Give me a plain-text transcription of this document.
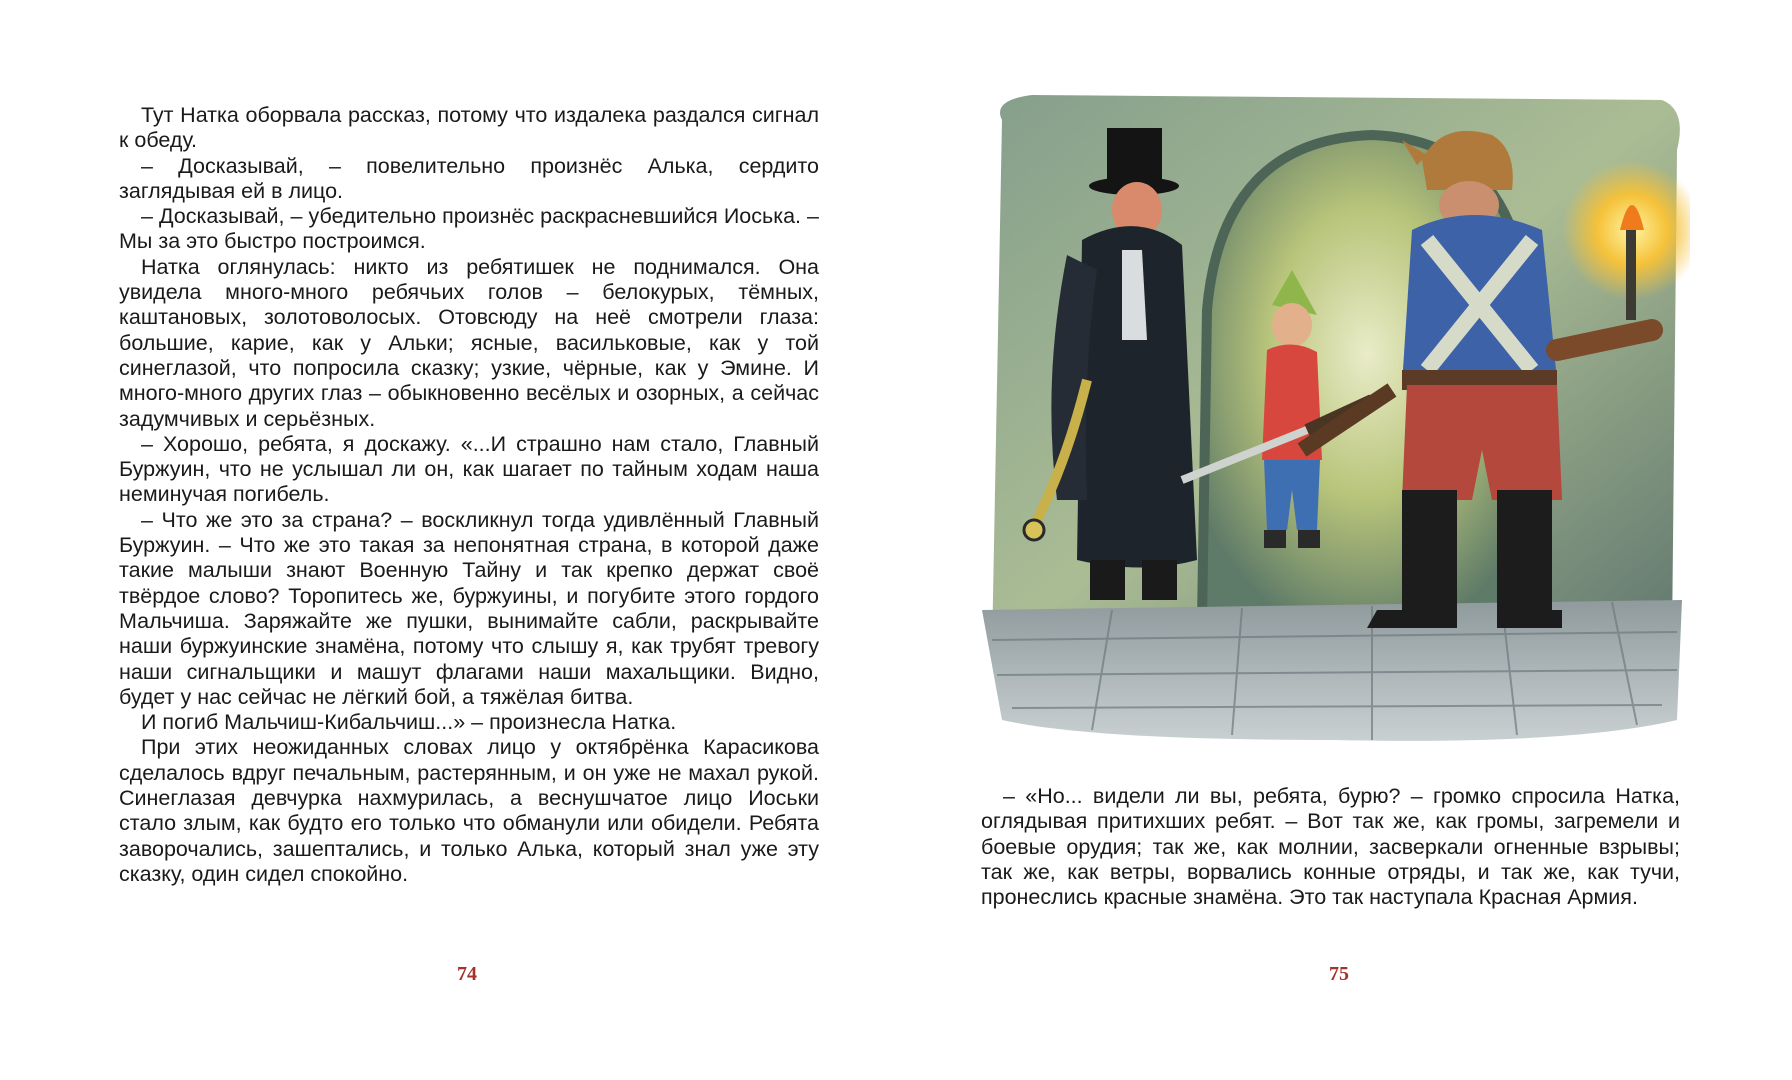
Тут Натка оборвала рассказ, потому что издалека раздался сигнал к обеду.

– Досказывай, – повелительно произнёс Алька, сердито заглядывая ей в лицо.

– Досказывай, – убедительно произнёс раскрасневшийся Иоська. – Мы за это быстро построимся.

Натка оглянулась: никто из ребятишек не поднимался. Она увидела много-много ребячьих голов – белокурых, тёмных, каштановых, золотоволосых. Отовсюду на неё смотрели глаза: большие, карие, как у Альки; ясные, васильковые, как у той синеглазой, что попросила сказку; узкие, чёрные, как у Эмине. И много-много других глаз – обыкновенно весёлых и озорных, а сейчас задумчивых и серьёзных.

– Хорошо, ребята, я доскажу. «...И страшно нам стало, Главный Буржуин, что не услышал ли он, как шагает по тайным ходам наша неминучая погибель.

– Что же это за страна? – воскликнул тогда удивлённый Главный Буржуин. – Что же это такая за непонятная страна, в которой даже такие малыши знают Военную Тайну и так крепко держат своё твёрдое слово? Торопитесь же, буржуины, и погубите этого гордого Мальчиша. Заряжайте же пушки, вынимайте сабли, раскрывайте наши буржуинские знамёна, потому что слышу я, как трубят тревогу наши сигнальщики и машут флагами наши махальщики. Видно, будет у нас сейчас не лёгкий бой, а тяжёлая битва.

И погиб Мальчиш-Кибальчиш...» – произнесла Натка.

При этих неожиданных словах лицо у октябрёнка Карасикова сделалось вдруг печальным, растерянным, и он уже не махал рукой. Синеглазая девчурка нахмурилась, а веснушчатое лицо Иоськи стало злым, как будто его только что обманули или обидели. Ребята заворочались, зашептались, и только Алька, который знал уже эту сказку, один сидел спокойно.

74

– «Но... видели ли вы, ребята, бурю? – громко спросила Натка, оглядывая притихших ребят. – Вот так же, как громы, загремели и боевые орудия; так же, как молнии, засверкали огненные взрывы; так же, как ветры, ворвались конные отряды, и так же, как тучи, пронеслись красные знамёна. Это так наступала Красная Армия.

75
